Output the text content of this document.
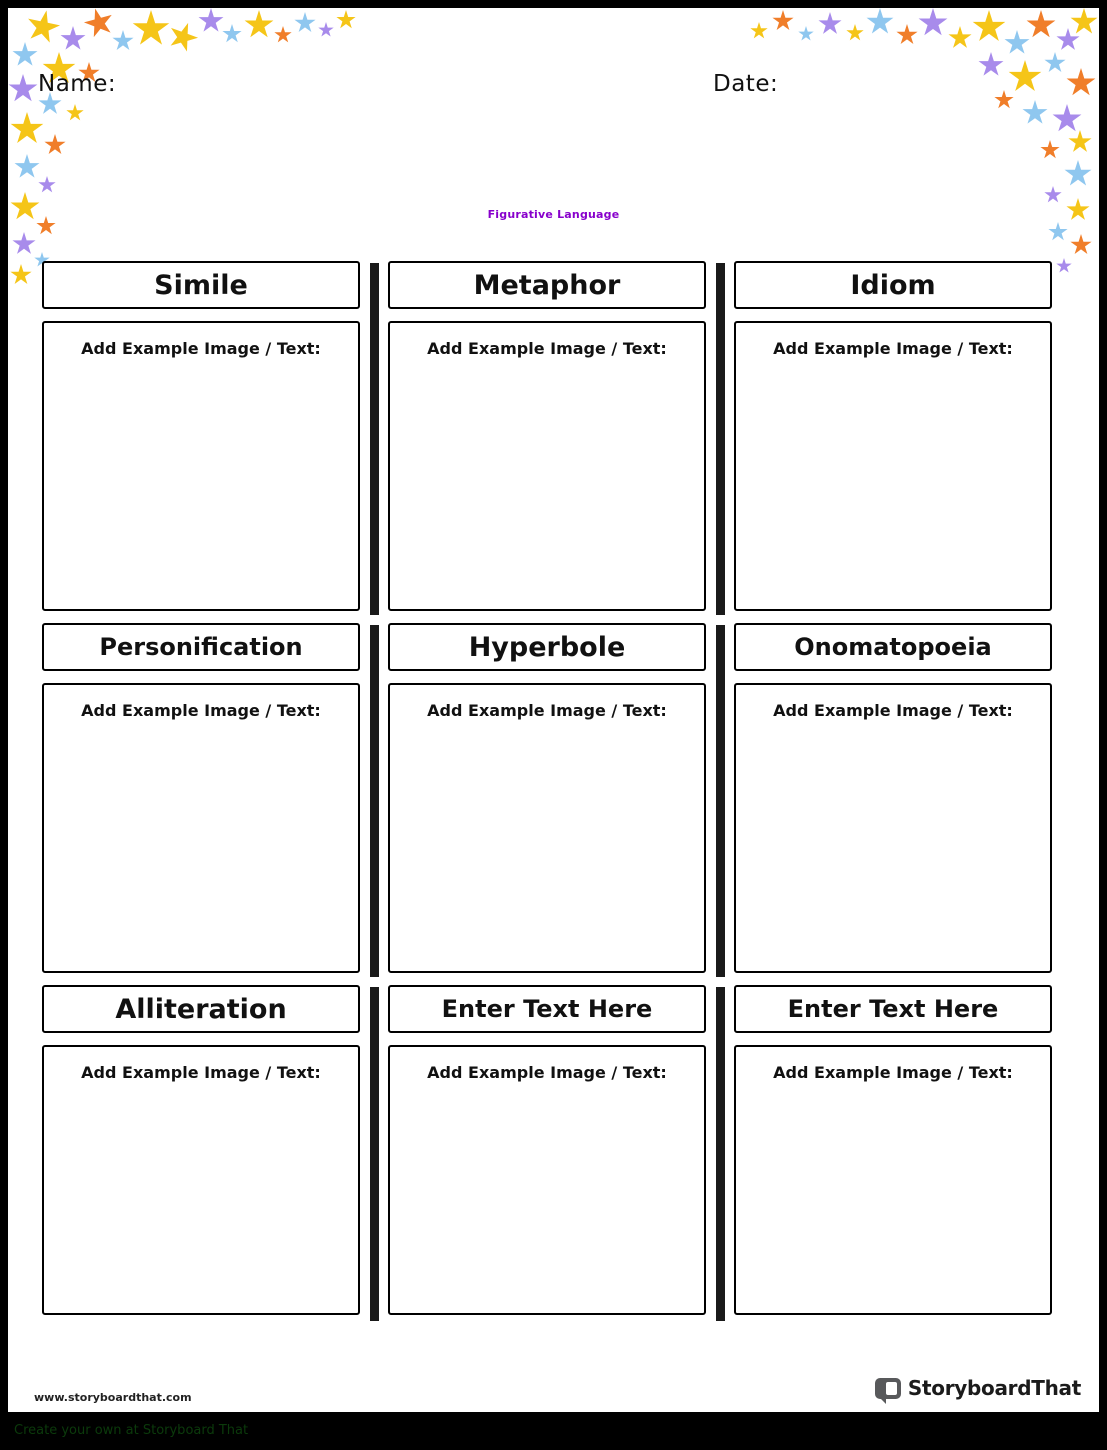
Name:	Date:
Figurative Language
Simile
Add Example Image / Text:
Metaphor
Add Example Image / Text:
Idiom
Add Example Image / Text:
Personification
Add Example Image / Text:
Hyperbole
Add Example Image / Text:
Onomatopoeia
Add Example Image / Text:
Alliteration
Add Example Image / Text:
Enter Text Here
Add Example Image / Text:
Enter Text Here
Add Example Image / Text:
www.storyboardthat.com	StoryboardThat
Create your own at Storyboard That
